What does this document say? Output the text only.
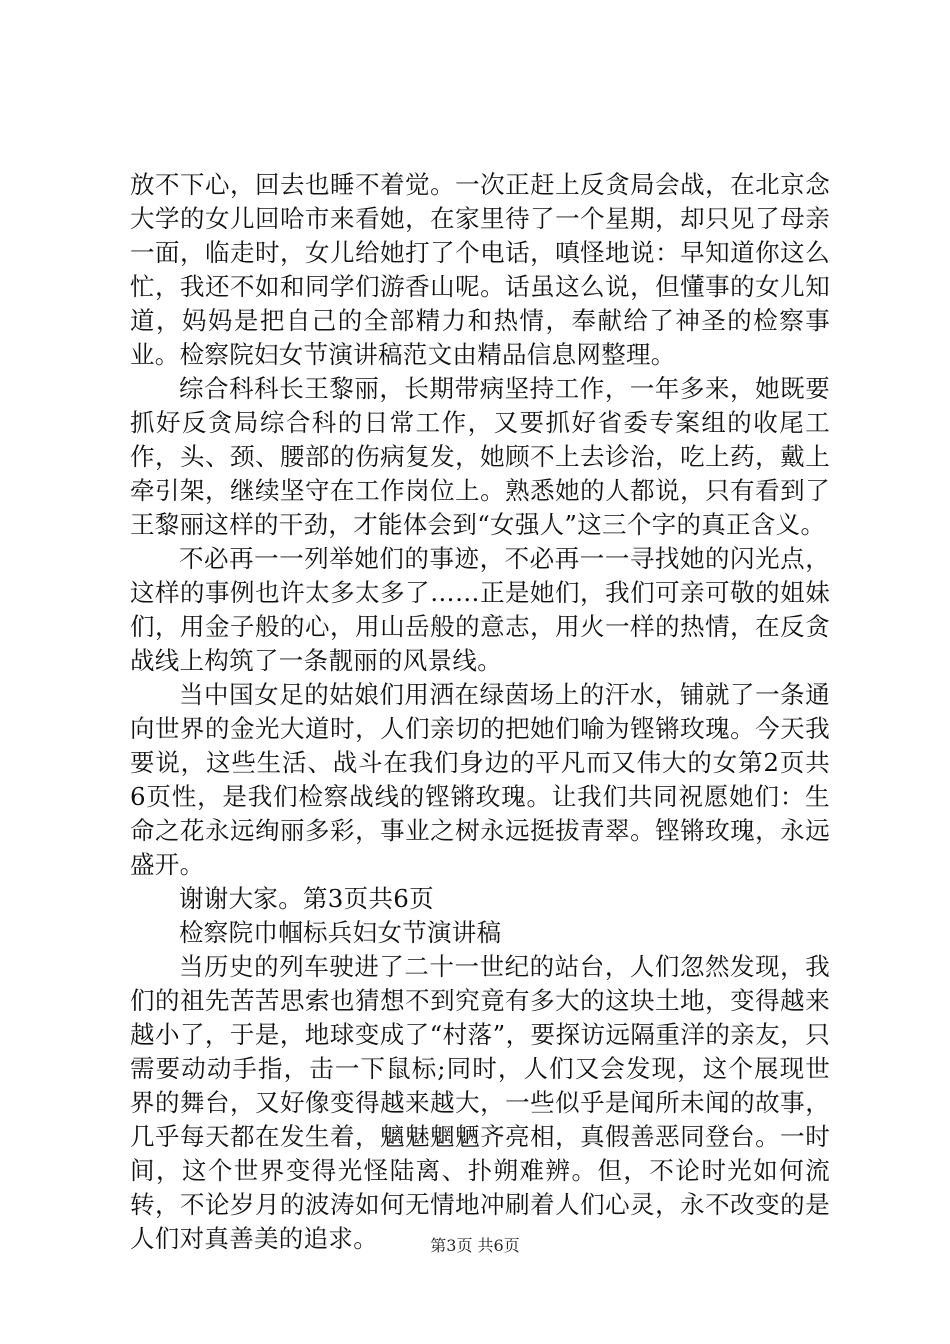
放不下心，回去也睡不着觉。一次正赶上反贪局会战，在北京念大学的女儿回哈市来看她，在家里待了一个星期，却只见了母亲一面，临走时，女儿给她打了个电话，嗔怪地说：早知道你这么忙，我还不如和同学们游香山呢。话虽这么说，但懂事的女儿知道，妈妈是把自己的全部精力和热情，奉献给了神圣的检察事业。检察院妇女节演讲稿范文由精品信息网整理。

综合科科长王黎丽，长期带病坚持工作，一年多来，她既要抓好反贪局综合科的日常工作，又要抓好省委专案组的收尾工作，头、颈、腰部的伤病复发，她顾不上去诊治，吃上药，戴上牵引架，继续坚守在工作岗位上。熟悉她的人都说，只有看到了王黎丽这样的干劲，才能体会到“女强人”这三个字的真正含义。

不必再一一列举她们的事迹，不必再一一寻找她的闪光点，这样的事例也许太多太多了……正是她们，我们可亲可敬的姐妹们，用金子般的心，用山岳般的意志，用火一样的热情，在反贪战线上构筑了一条靓丽的风景线。

当中国女足的姑娘们用洒在绿茵场上的汗水，铺就了一条通向世界的金光大道时，人们亲切的把她们喻为铿锵玫瑰。今天我要说，这些生活、战斗在我们身边的平凡而又伟大的女第2页共6页性，是我们检察战线的铿锵玫瑰。让我们共同祝愿她们：生命之花永远绚丽多彩，事业之树永远挺拔青翠。铿锵玫瑰，永远盛开。

谢谢大家。第3页共6页

检察院巾帼标兵妇女节演讲稿

当历史的列车驶进了二十一世纪的站台，人们忽然发现，我们的祖先苦苦思索也猜想不到究竟有多大的这块土地，变得越来越小了，于是，地球变成了“村落”，要探访远隔重洋的亲友，只需要动动手指，击一下鼠标;同时，人们又会发现，这个展现世界的舞台，又好像变得越来越大，一些似乎是闻所未闻的故事，几乎每天都在发生着，魑魅魍魉齐亮相，真假善恶同登台。一时间，这个世界变得光怪陆离、扑朔难辨。但，不论时光如何流转，不论岁月的波涛如何无情地冲刷着人们心灵，永不改变的是人们对真善美的追求。	第3页 共6页
